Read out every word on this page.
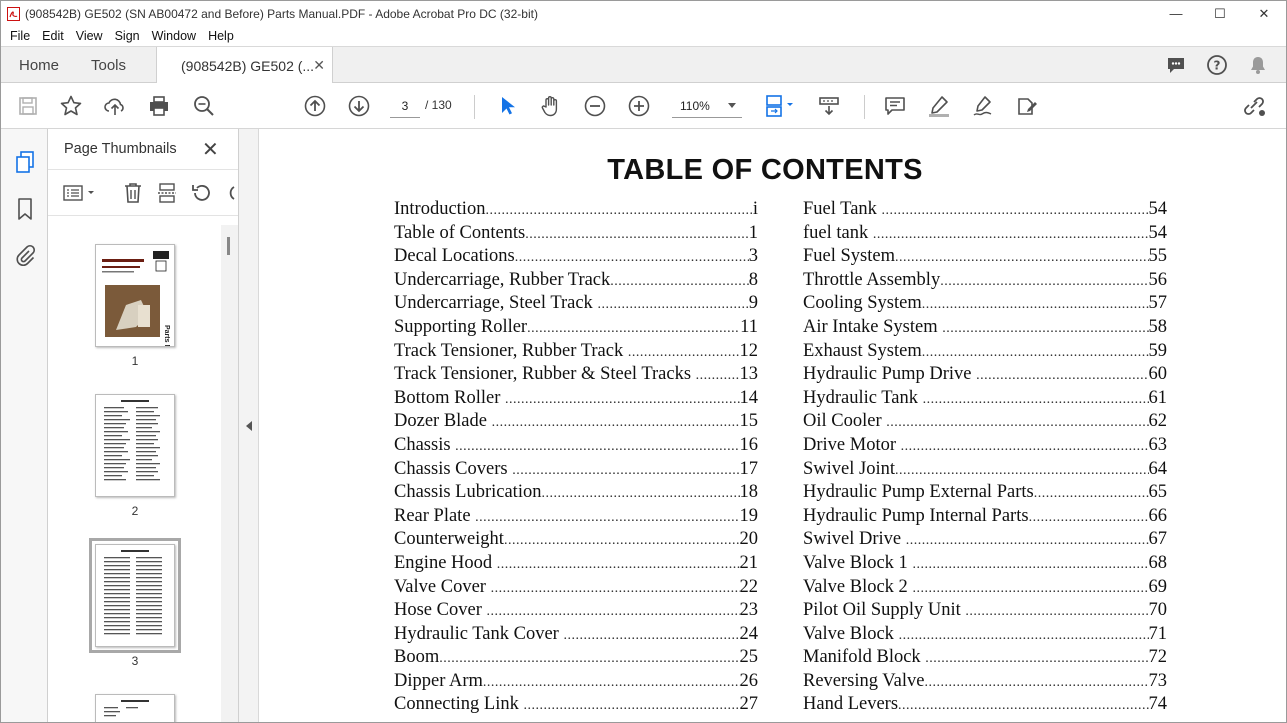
(908542B) GE502 (SN AB00472 and Before) Parts Manual.PDF - Adobe Acrobat Pro DC (32-bit)	—	☐	✕
File Edit View Sign Window Help
Home Tools	(908542B) GE502 (... ✕	?
3	/ 130	110%
Page Thumbnails ✕
1
2
3
TABLE OF CONTENTS
Introduction .....	i
Table of Contents .....	1
Decal Locations .....	3
Undercarriage, Rubber Track .....	8
Undercarriage, Steel Track .....	9
Supporting Roller .....	11
Track Tensioner, Rubber Track .....	12
Track Tensioner, Rubber & Steel Tracks ..... 13
Bottom Roller .....	14
Dozer Blade .....	15
Chassis .....	16
Chassis Covers .....	17
Chassis Lubrication .....	18
Rear Plate .....	19
Counterweight .....	20
Engine Hood .....	21
Valve Cover .....	22
Hose Cover .....	23
Hydraulic Tank Cover .....	24
Boom .....	25
Dipper Arm .....	26
Connecting Link .....	27
Fuel Tank .....	54
fuel tank .....	54
Fuel System .....	55
Throttle Assembly .....	56
Cooling System .....	57
Air Intake System .....	58
Exhaust System .....	59
Hydraulic Pump Drive .....	60
Hydraulic Tank .....	61
Oil Cooler .....	62
Drive Motor .....	63
Swivel Joint .....	64
Hydraulic Pump External Parts .....	65
Hydraulic Pump Internal Parts .....	66
Swivel Drive .....	67
Valve Block 1 .....	68
Valve Block 2 .....	69
Pilot Oil Supply Unit .....	70
Valve Block .....	71
Manifold Block .....	72
Reversing Valve .....	73
Hand Levers .....	74
